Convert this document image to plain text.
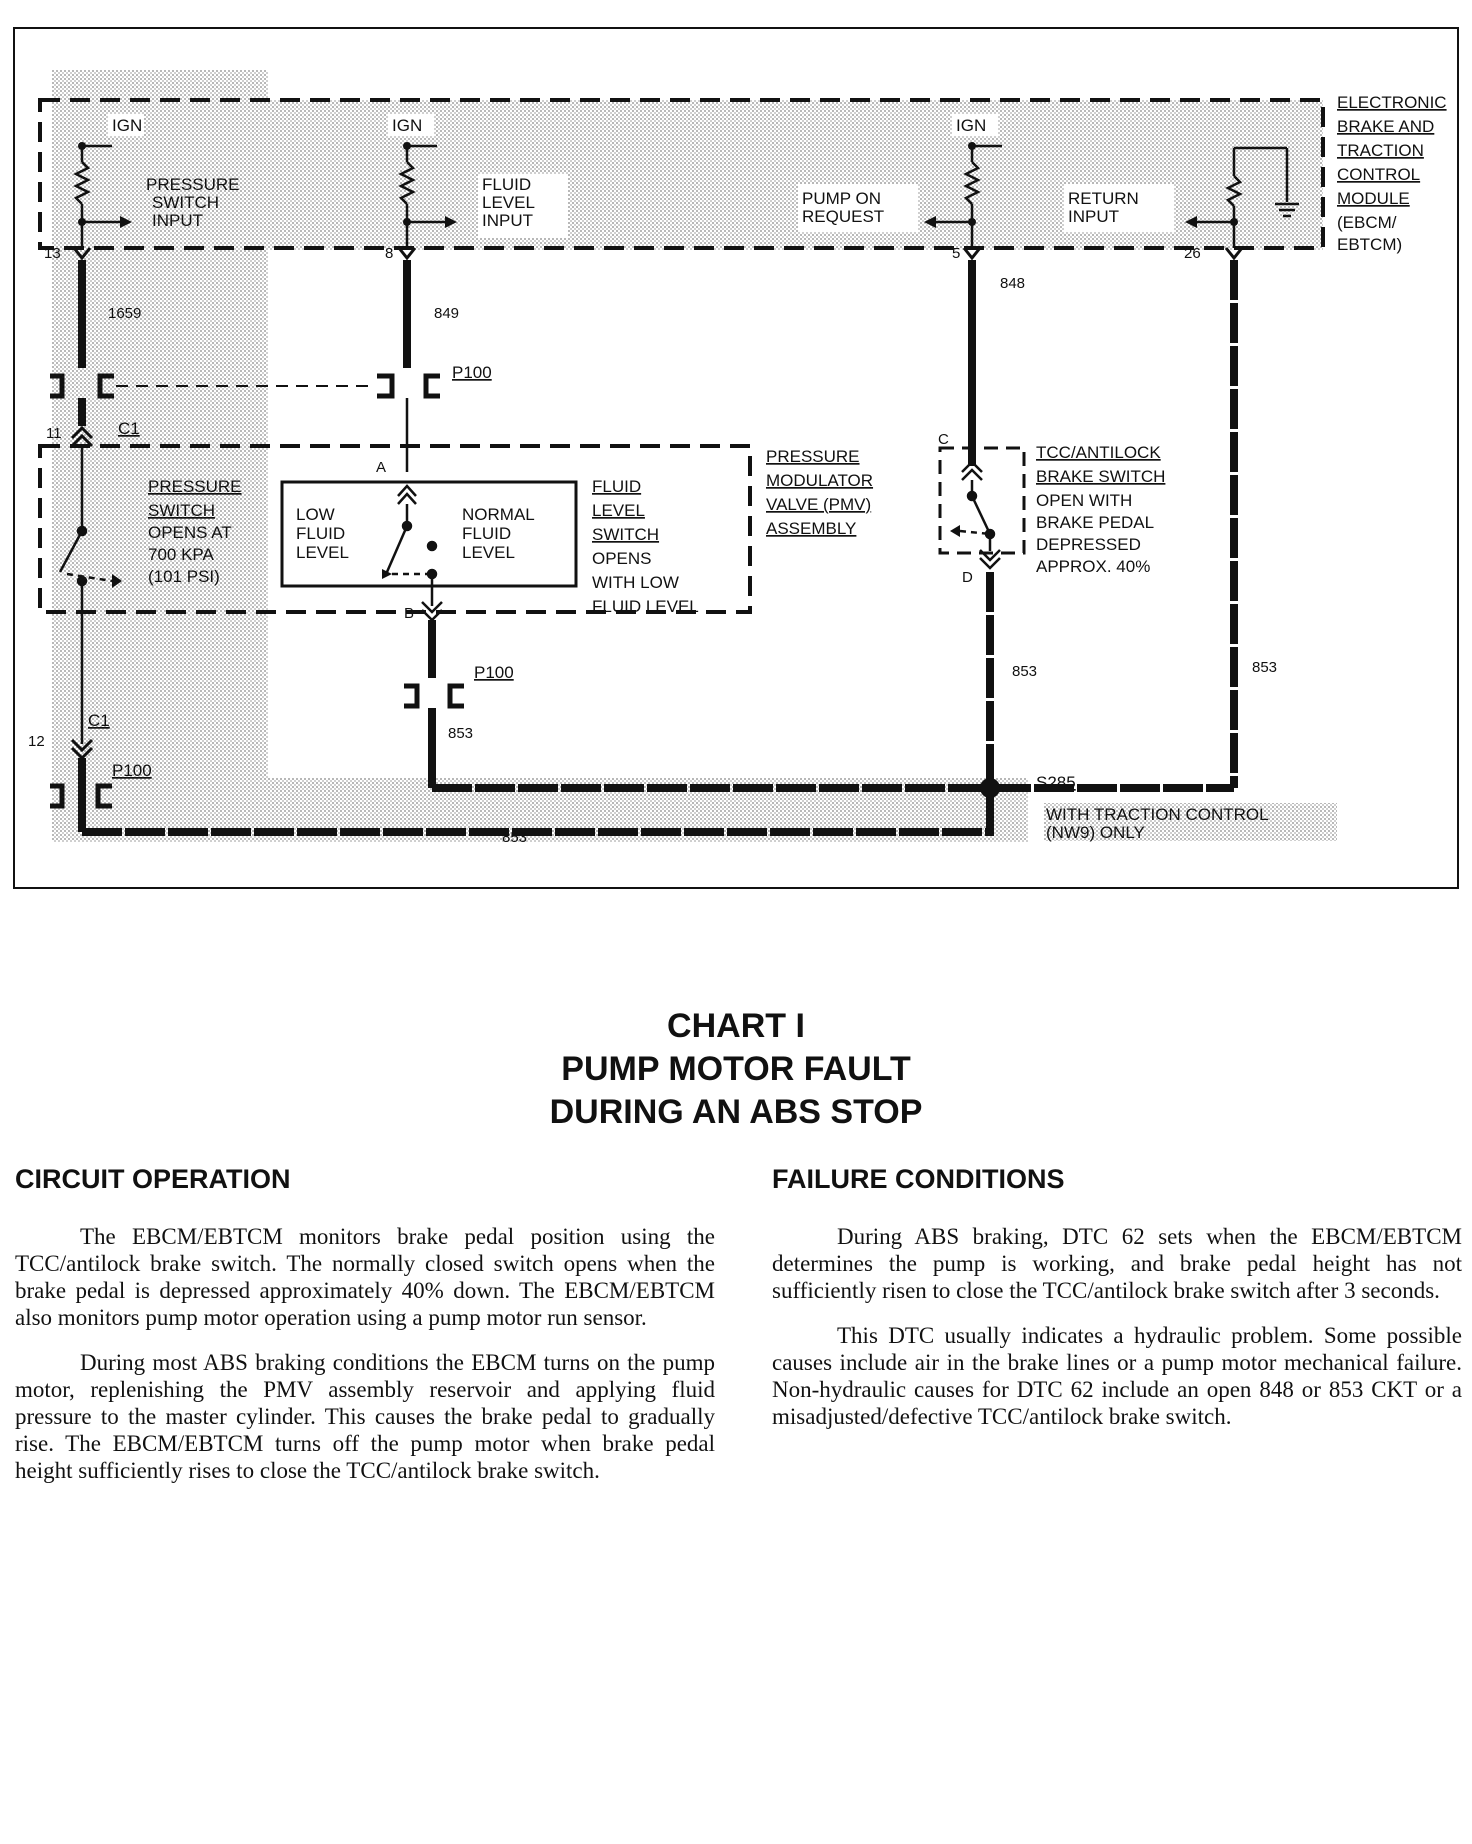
IGN	IGN	IGN
PRESSURE
SWITCH
INPUT
FLUID
LEVEL
INPUT
PUMP ON
REQUEST
RETURN
INPUT
ELECTRONIC
BRAKE AND
TRACTION
CONTROL
MODULE
(EBCM/
EBTCM)
13	8	5	26
1659	849
848
853	853
853
853
P100
P100
P100
C1
C1
11
12
A
B
C
D
PRESSURE
MODULATOR
VALVE (PMV)
ASSEMBLY
PRESSURE
SWITCH
OPENS AT
700 KPA
(101 PSI)
LOW
FLUID
LEVEL
NORMAL
FLUID
LEVEL
FLUID
LEVEL
SWITCH
OPENS
WITH LOW
FLUID LEVEL
TCC/ANTILOCK
BRAKE SWITCH
OPEN WITH
BRAKE PEDAL
DEPRESSED
APPROX. 40%
S285
WITH TRACTION CONTROL
(NW9) ONLY
CHART I
PUMP MOTOR FAULT
DURING AN ABS STOP
CIRCUIT OPERATION

The EBCM/EBTCM monitors brake pedal position using the TCC/antilock brake switch. The normally closed switch opens when the brake pedal is depressed approximately 40% down. The EBCM/EBTCM also monitors pump motor operation using a pump motor run sensor.

During most ABS braking conditions the EBCM turns on the pump motor, replenishing the PMV assembly reservoir and applying fluid pressure to the master cylinder. This causes the brake pedal to gradually rise. The EBCM/EBTCM turns off the pump motor when brake pedal height sufficiently rises to close the TCC/antilock brake switch.

FAILURE CONDITIONS

During ABS braking, DTC 62 sets when the EBCM/EBTCM determines the pump is working, and brake pedal height has not sufficiently risen to close the TCC/antilock brake switch after 3 seconds.

This DTC usually indicates a hydraulic problem. Some possible causes include air in the brake lines or a pump motor mechanical failure. Non-hydraulic causes for DTC 62 include an open 848 or 853 CKT or a misadjusted/defective TCC/antilock brake switch.
